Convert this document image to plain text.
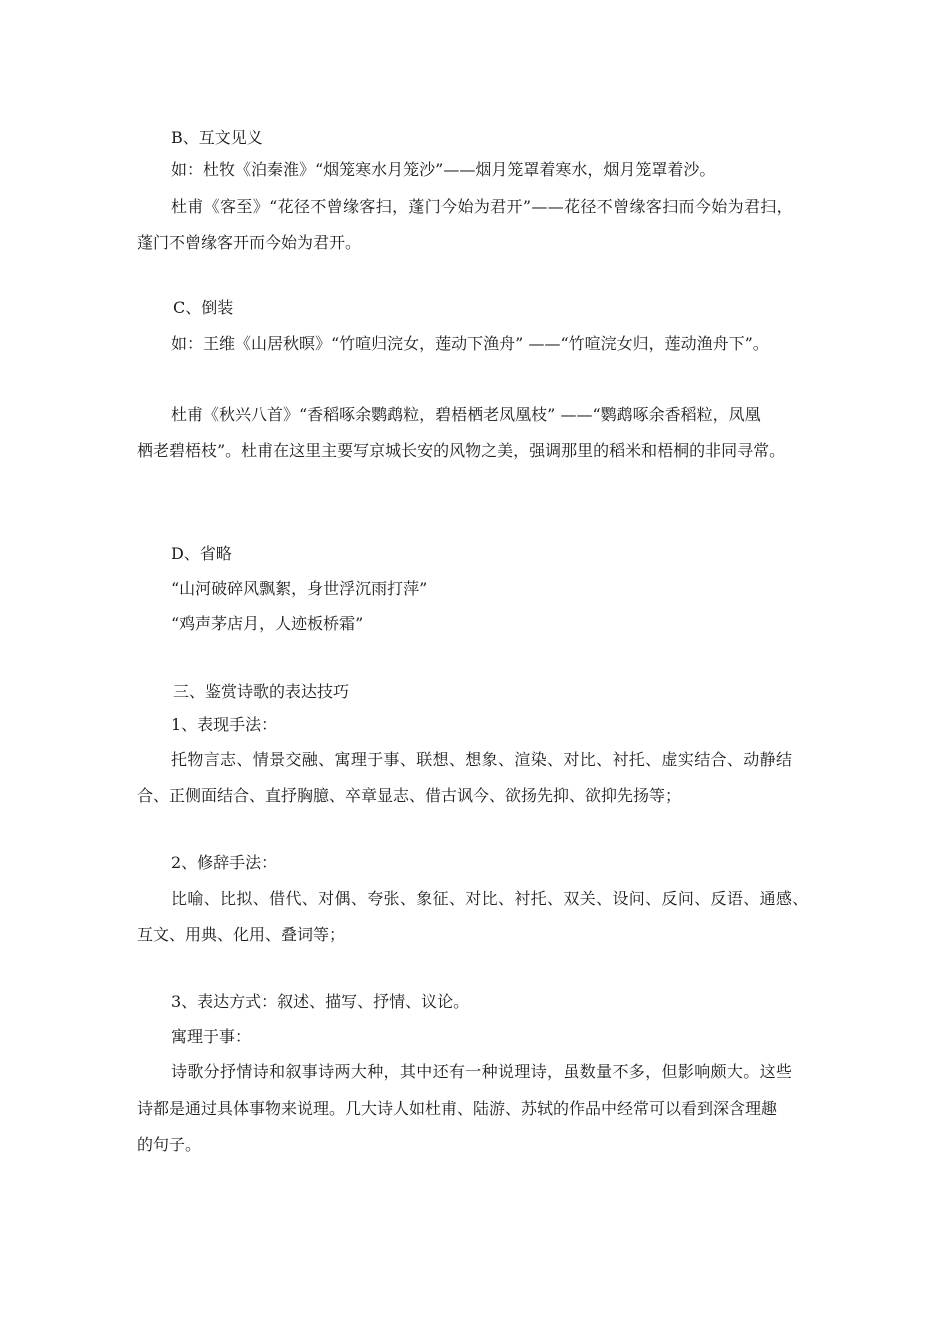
B、互文见义
如：杜牧《泊秦淮》“烟笼寒水月笼沙”——烟月笼罩着寒水，烟月笼罩着沙。
杜甫《客至》“花径不曾缘客扫，蓬门今始为君开”——花径不曾缘客扫而今始为君扫，
蓬门不曾缘客开而今始为君开。
C、倒装
如：王维《山居秋暝》“竹喧归浣女，莲动下渔舟” ——“竹喧浣女归，莲动渔舟下”。
杜甫《秋兴八首》“香稻啄余鹦鹉粒，碧梧栖老凤凰枝” ——“鹦鹉啄余香稻粒，凤凰
栖老碧梧枝”。杜甫在这里主要写京城长安的风物之美，强调那里的稻米和梧桐的非同寻常。
D、省略
“山河破碎风飘絮，身世浮沉雨打萍”
“鸡声茅店月，人迹板桥霜”
三、鉴赏诗歌的表达技巧
1、表现手法：
托物言志、情景交融、寓理于事、联想、想象、渲染、对比、衬托、虚实结合、动静结
合、正侧面结合、直抒胸臆、卒章显志、借古讽今、欲扬先抑、欲抑先扬等；
2、修辞手法：
比喻、比拟、借代、对偶、夸张、象征、对比、衬托、双关、设问、反问、反语、通感、
互文、用典、化用、叠词等；
3、表达方式：叙述、描写、抒情、议论。
寓理于事：
诗歌分抒情诗和叙事诗两大种，其中还有一种说理诗，虽数量不多，但影响颇大。这些
诗都是通过具体事物来说理。几大诗人如杜甫、陆游、苏轼的作品中经常可以看到深含理趣
的句子。
